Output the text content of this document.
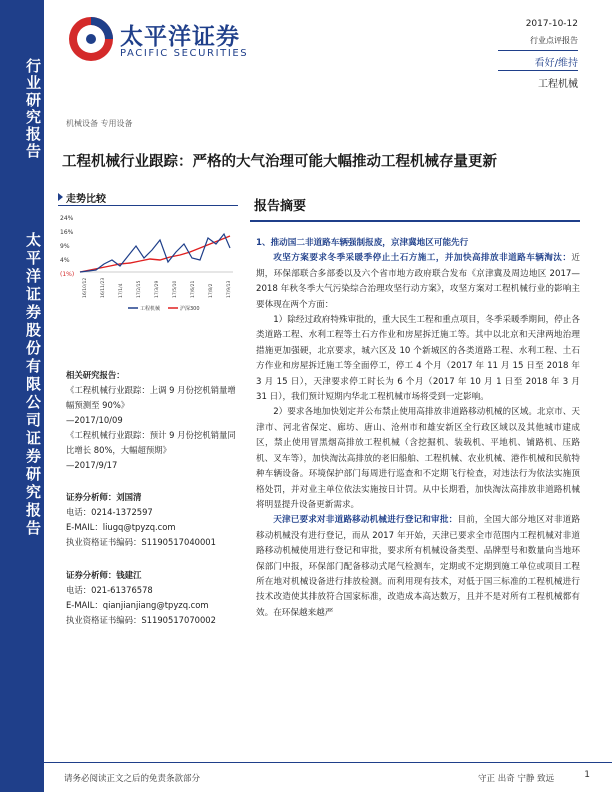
行业研究报告
太平洋证券股份有限公司证券研究报告
太平洋证券
PACIFIC SECURITIES
2017-10-12
行业点评报告
看好/维持
工程机械
机械设备 专用设备
工程机械行业跟踪：严格的大气治理可能大幅推动工程机械存量更新
走势比较
24%
16%
9%
4%
(1%)
16/10/12	16/11/23	17/1/4	17/2/15	17/3/29	17/5/10	17/6/21	17/8/2	17/9/13
工程机械	沪深300
相关研究报告：
《工程机械行业跟踪：上调 9 月份挖机销量增幅预测至 90%》
—2017/10/09
《工程机械行业跟踪：预计 9 月份挖机销量同比增长 80%，大幅超预期》
—2017/9/17
证券分析师：刘国清
电话：0214-1372597
E-MAIL：liugq@tpyzq.com
执业资格证书编码：S1190517040001
证券分析师：钱建江
电话：021-61376578
E-MAIL：qianjianjiang@tpyzq.com
执业资格证书编码：S1190517070002
报告摘要
1、推动国二非道路车辆强制报废，京津冀地区可能先行
攻坚方案要求冬季采暖季停止土石方施工，并加快高排放非道路车辆淘汰：近期，环保部联合多部委以及六个省市地方政府联合发布《京津冀及周边地区 2017—2018 年秋冬季大气污染综合治理攻坚行动方案》，攻坚方案对工程机械行业的影响主要体现在两个方面：
1）除经过政府特殊审批的，重大民生工程和重点项目，冬季采暖季期间，停止各类道路工程、水利工程等土石方作业和房屋拆迁施工等。其中以北京和天津两地治理措施更加强硬，北京要求，城六区及 10 个新城区的各类道路工程、水利工程、土石方作业和房屋拆迁施工等全面停工，停工 4 个月（2017 年 11 月 15 日至 2018 年 3 月 15 日），天津要求停工时长为 6 个月（2017 年 10 月 1 日至 2018 年 3 月 31 日），我们预计短期内华北工程机械市场将受到一定影响。
2）要求各地加快划定并公布禁止使用高排放非道路移动机械的区域。北京市、天津市、河北省保定、廊坊、唐山、沧州市和雄安新区全行政区域以及其他城市建成区，禁止使用冒黑烟高排放工程机械（含挖掘机、装载机、平地机、铺路机、压路机、叉车等），加快淘汰高排放的老旧船舶、工程机械、农业机械、港作机械和民航特种车辆设备。环境保护部门每周进行巡查和不定期飞行检查，对违法行为依法实施顶格处罚，并对业主单位依法实施按日计罚。从中长期看，加快淘汰高排放非道路机械将明显提升设备更新需求。
天津已要求对非道路移动机械进行登记和审批：目前，全国大部分地区对非道路移动机械没有进行登记，而从 2017 年开始，天津已要求全市范围内工程机械对非道路移动机械使用进行登记和审批，要求所有机械设备类型、品牌型号和数量向当地环保部门申报，环保部门配备移动式尾气检测车，定期或不定期到施工单位或项目工程所在地对机械设备进行排放检测。而利用现有技术，对低于国三标准的工程机械进行技术改造使其排放符合国家标准，改造成本高达数万，且并不是对所有工程机械都有效。在环保越来越严
请务必阅读正文之后的免责条款部分	守正 出奇 宁静 致远	1
